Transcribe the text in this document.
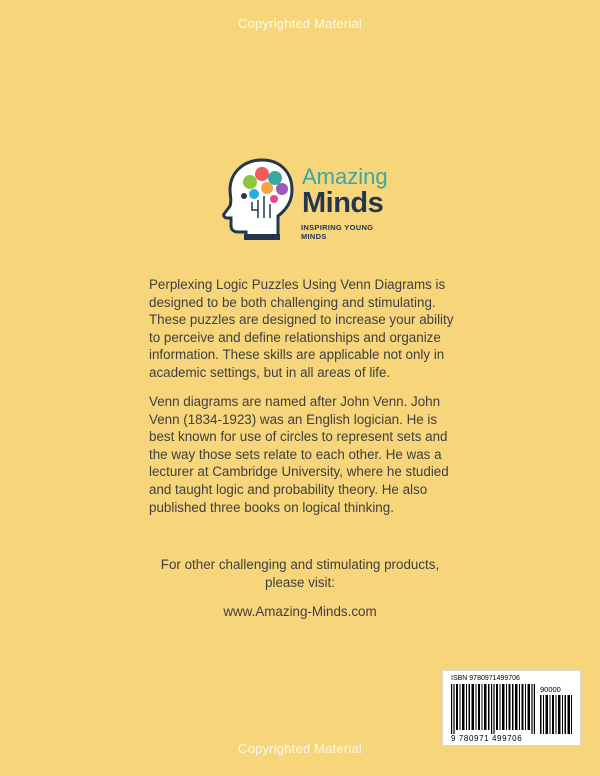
Copyrighted Material
Amazing
Minds
INSPIRING YOUNG MINDS
Perplexing Logic Puzzles Using Venn Diagrams is designed to be both challenging and stimulating. These puzzles are designed to increase your ability to perceive and define relationships and organize information. These skills are applicable not only in academic settings, but in all areas of life.
Venn diagrams are named after John Venn. John Venn (1834-1923) was an English logician. He is best known for use of circles to represent sets and the way those sets relate to each other. He was a lecturer at Cambridge University, where he studied and taught logic and probability theory. He also published three books on logical thinking.
For other challenging and stimulating products, please visit:
www.Amazing-Minds.com
ISBN 9780971499706
90000
9 780971 499706
Copyrighted Material
